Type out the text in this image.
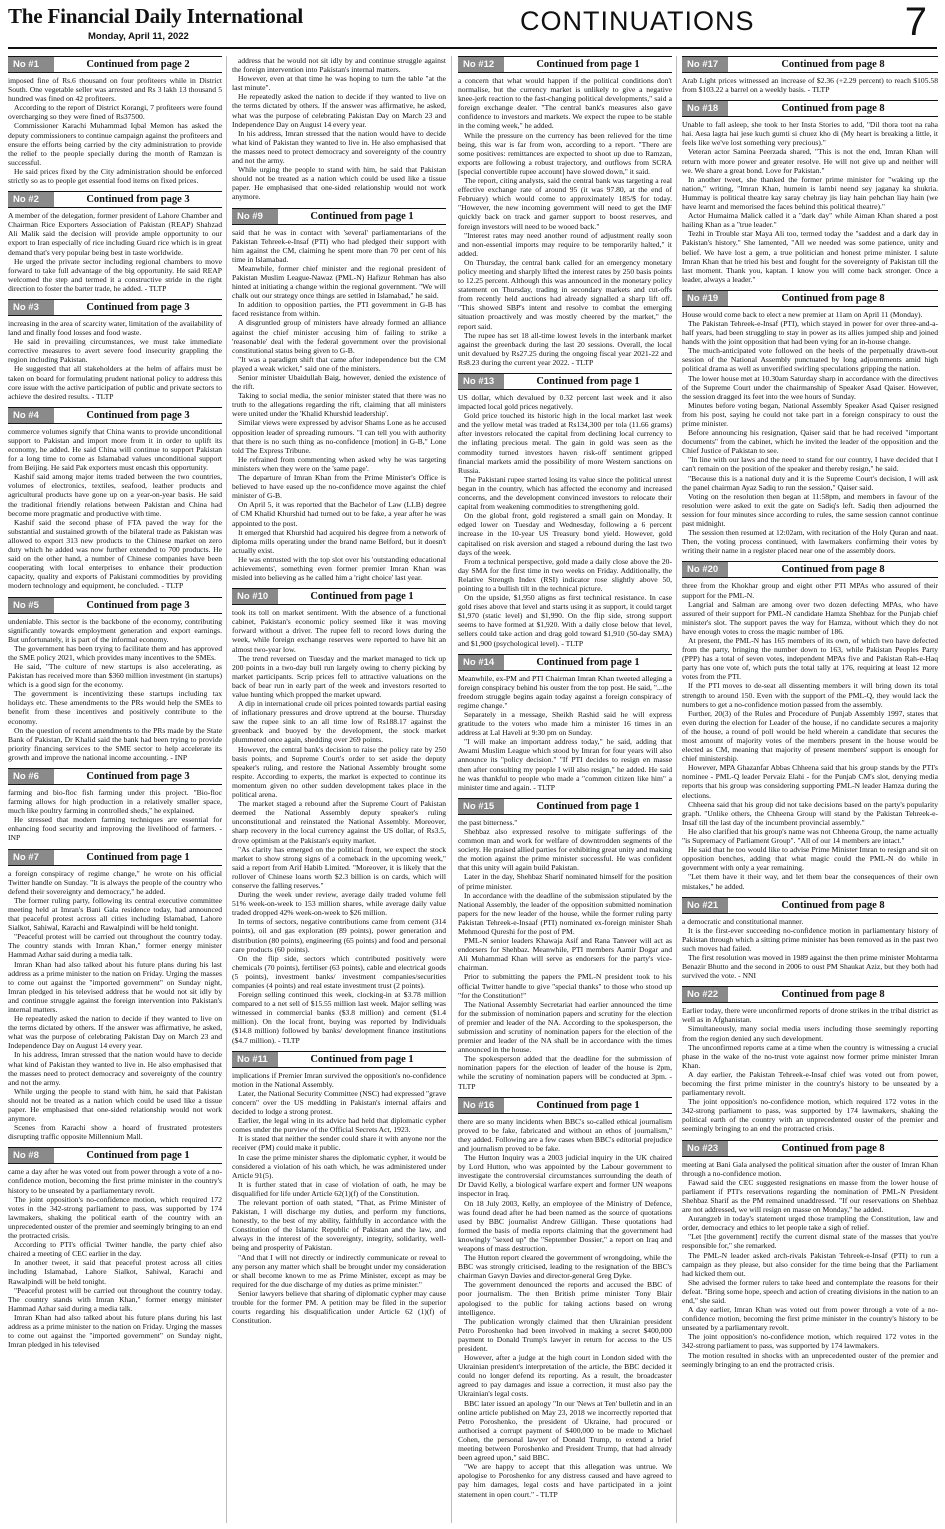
The Financial Daily International
Monday, April 11, 2022
CONTINUATIONS	7
No #1	Continued from page 2

imposed fine of Rs.6 thousand on four profiteers while in District South. One vegetable seller was arrested and Rs 3 lakh 13 thousand 5 hundred was fined on 42 profiteers.

According to the report of District Korangi, 7 profiteers were found overcharging so they were fined of Rs37500.

Commissioner Karachi Muhammad Iqbal Memon has asked the deputy commissioners to continue campaign against the profiteers and ensure the efforts being carried by the city administration to provide the relief to the people specially during the month of Ramzan is successful.

He said prices fixed by the City administration should be enforced strictly so as to people get essential food items on fixed prices.

No #2	Continued from page 3

A member of the delegation, former president of Lahore Chamber and Chairman Rice Exporters Association of Pakistan (REAP) Shahzad Ali Malik said the decision will provide ample opportunity to our export to Iran especially of rice including Guard rice which is in great demand that's very popular being best in taste worldwide.

He urged the private sector including regional chambers to move forward to take full advantage of the big opportunity. He said REAP welcomed the step and termed it a constructive stride in the right direction to foster the barter trade, he added. - TLTP

No #3	Continued from page 3

increasing in the area of scarcity water, limitation of the availability of land and finally food losses and food waste.

He said in prevailing circumstances, we must take immediate corrective measures to avert severe food insecurity grappling the region including Pakistan.

He suggested that all stakeholders at the helm of affairs must be taken on board for formulating prudent national policy to address this core issue with the active participation of public and private sectors to achieve the desired results. - TLTP

No #4	Continued from page 3

commerce volumes signify that China wants to provide unconditional support to Pakistan and import more from it in order to uplift its economy, he added. He said China will continue to support Pakistan for a long time to come as Islamabad values unconditional support from Beijing. He said Pak exporters must encash this opportunity.

Kashif said among major items traded between the two countries, volumes of electronics, textiles, seafood, leather products and agricultural products have gone up on a year-on-year basis. He said the traditional friendly relations between Pakistan and China had become more pragmatic and productive with time.

Kashif said the second phase of FTA paved the way for the substantial and sustained growth of the bilateral trade as Pakistan was allowed to export 313 new products to the Chinese market on zero duty which he added was now further extended to 700 products. He said on the other hand, a number of Chinese companies have been cooperating with local enterprises to enhance their production capacity, quality and exports of Pakistani commodities by providing modern technology and equipment, he concluded. - TLTP

No #5	Continued from page 3

undeniable. This sector is the backbone of the economy, contributing significantly towards employment generation and export earnings. But unfortunately, it is part of the informal economy.

The government has been trying to facilitate them and has approved the SME policy 2021, which provides many incentives to the SMEs.

He said, "The culture of new startups is also accelerating, as Pakistan has received more than $360 million investment (in startups) which is a good sign for the economy.

The government is incentivizing these startups including tax holidays etc. These amendments to the PRs would help the SMEs to benefit from these incentives and positively contribute to the economy.

On the question of recent amendments to the PRs made by the State Bank of Pakistan, Dr Khalid said the bank had been trying to provide priority financing services to the SME sector to help accelerate its growth and improve the national income accounting. - INP

No #6	Continued from page 3

farming and bio-floc fish farming under this project. "Bio-floc farming allows for high production in a relatively smaller space, much like poultry farming in controlled sheds," he explained.

He stressed that modern farming techniques are essential for enhancing food security and improving the livelihood of farmers. - INP

No #7	Continued from page 1

a foreign conspiracy of regime change," he wrote on his official Twitter handle on Sunday. "It is always the people of the country who defend their sovereignty and democracy," he added.

The former ruling party, following its central executive committee meeting held at Imran's Bani Gala residence today, had announced that peaceful protest across all cities including Islamabad, Lahore Sialkot, Sahiwal, Karachi and Rawalpindi will be held tonight.

"Peaceful protest will be carried out throughout the country today. The country stands with Imran Khan," former energy minister Hammad Azhar said during a media talk.

Imran Khan had also talked about his future plans during his last address as a prime minister to the nation on Friday. Urging the masses to come out against the "imported government" on Sunday night, Imran pledged in his televised address that he would not sit idly by and continue struggle against the foreign intervention into Pakistan's internal matters.

He repeatedly asked the nation to decide if they wanted to live on the terms dictated by others. If the answer was affirmative, he asked, what was the purpose of celebrating Pakistan Day on March 23 and Independence Day on August 14 every year.

In his address, Imran stressed that the nation would have to decide what kind of Pakistan they wanted to live in. He also emphasised that the masses need to protect democracy and sovereignty of the country and not the army.

While urging the people to stand with him, he said that Pakistan should not be treated as a nation which could be used like a tissue paper. He emphasised that one-sided relationship would not work anymore.

Scenes from Karachi show a hoard of frustrated protesters disrupting traffic opposite Millennium Mall.

No #8	Continued from page 1

came a day after he was voted out from power through a vote of a no-confidence motion, becoming the first prime minister in the country's history to be unseated by a parliamentary revolt.

The joint opposition's no-confidence motion, which required 172 votes in the 342-strong parliament to pass, was supported by 174 lawmakers, shaking the political earth of the country with an unprecedented ouster of the premier and seemingly bringing to an end the protracted crisis.

According to PTI's official Twitter handle, the party chief also chaired a meeting of CEC earlier in the day.

In another tweet, it said that peaceful protest across all cities including Islamabad, Lahore Sialkot, Sahiwal, Karachi and Rawalpindi will be held tonight.

"Peaceful protest will be carried out throughout the country today. The country stands with Imran Khan," former energy minister Hammad Azhar said during a media talk.

Imran Khan had also talked about his future plans during his last address as a prime minister to the nation on Friday. Urging the masses to come out against the "imported government" on Sunday night, Imran pledged in his televised

address that he would not sit idly by and continue struggle against the foreign intervention into Pakistan's internal matters.

However, even at that time he was hoping to turn the table "at the last minute".

He repeatedly asked the nation to decide if they wanted to live on the terms dictated by others. If the answer was affirmative, he asked, what was the purpose of celebrating Pakistan Day on March 23 and Independence Day on August 14 every year.

In his address, Imran stressed that the nation would have to decide what kind of Pakistan they wanted to live in. He also emphasised that the masses need to protect democracy and sovereignty of the country and not the army.

While urging the people to stand with him, he said that Pakistan should not be treated as a nation which could be used like a tissue paper. He emphasised that one-sided relationship would not work anymore.

No #9	Continued from page 1

said that he was in contact with 'several' parliamentarians of the Pakistan Tehreek-e-Insaf (PTI) who had pledged their support with him against the CM, claiming he spent more than 70 per cent of his time in Islamabad.

Meanwhile, former chief minister and the regional president of Pakistan Muslim League-Nawaz (PML-N) Hafizur Rehman has also hinted at initiating a change within the regional government. "We will chalk out our strategy once things are settled in Islamabad," he said.

In addition to opposition parties, the PTI government in G-B has faced resistance from within.

A disgruntled group of ministers have already formed an alliance against the chief minister accusing him of failing to strike a 'reasonable' deal with the federal government over the provisional constitutional status being given to G-B.

"It was a paradigm shift that came after independence but the CM played a weak wicket," said one of the ministers.

Senior minister Ubaidullah Baig, however, denied the existence of the rift.

Taking to social media, the senior minister stated that there was no truth to the allegations regarding the rift, claiming that all ministers were united under the 'Khalid Khurshid leadership'.

Similar views were expressed by advisor Shams Lone as he accused opposition leader of spreading rumours. "I can tell you with authority that there is no such thing as no-confidence [motion] in G-B," Lone told The Express Tribune.

He refrained from commenting when asked why he was targeting ministers when they were on the 'same page'.

The departure of Imran Khan from the Prime Minister's Office is believed to have eased up the no-confidence move against the chief minister of G-B.

On April 5, it was reported that the Bachelor of Law (LLB) degree of CM Khalid Khurshid had turned out to be fake, a year after he was appointed to the post.

It emerged that Khurshid had acquired his degree from a network of diploma mills operating under the brand name Belford, but it doesn't actually exist.

He was entrusted with the top slot over his 'outstanding educational achievements', something even former premier Imran Khan was misled into believing as he called him a 'right choice' last year.

No #10	Continued from page 1

took its toll on market sentiment. With the absence of a functional cabinet, Pakistan's economic policy seemed like it was moving forward without a driver. The rupee fell to record lows during the week, while foreign exchange reserves were reported to have hit an almost two-year low.

The trend reversed on Tuesday and the market managed to tick up 200 points in a two-day bull run largely owing to cherry picking by market participants. Scrip prices fell to attractive valuations on the back of bear run in early part of the week and investors resorted to value hunting which propped the market upward.

A dip in international crude oil prices pointed towards partial easing of inflationary pressures and drove uptrend at the bourse. Thursday saw the rupee sink to an all time low of Rs188.17 against the greenback and buoyed by the development, the stock market plummeted once again, shedding over 269 points.

However, the central bank's decision to raise the policy rate by 250 basis points, and Supreme Court's order to set aside the deputy speaker's ruling, and restore the National Assembly brought some respite. According to experts, the market is expected to continue its momentum given no other sudden development takes place in the political arena.

The market staged a rebound after the Supreme Court of Pakistan deemed the National Assembly deputy speaker's ruling unconstitutional and reinstated the National Assembly. Moreover, sharp recovery in the local currency against the US dollar, of Rs3.5, drove optimism at the Pakistan's equity market.

"As clarity has emerged on the political front, we expect the stock market to show strong signs of a comeback in the upcoming week," said a report from Arif Habib Limited. "Moreover, it is likely that the rollover of Chinese loans worth $2.3 billion is on cards, which will conserve the falling reserves."

During the week under review, average daily traded volume fell 51% week-on-week to 153 million shares, while average daily value traded dropped 42% week-on-week to $26 million.

In terms of sectors, negative contributions came from cement (314 points), oil and gas exploration (89 points), power generation and distribution (80 points), engineering (65 points) and food and personal care products (60 points).

On the flip side, sectors which contributed positively were chemicals (70 points), fertiliser (63 points), cable and electrical goods (5 points), investment banks/ investment companies/securities companies (4 points) and real estate investment trust (2 points).

Foreign selling continued this week, clocking-in at $3.78 million compared to a net sell of $15.55 million last week. Major selling was witnessed in commercial banks ($3.8 million) and cement ($1.4 million). On the local front, buying was reported by Individuals ($14.8 million) followed by banks/ development finance institutions ($4.7 million). - TLTP

No #11	Continued from page 1

implications if Premier Imran survived the opposition's no-confidence motion in the National Assembly.

Later, the National Security Committee (NSC) had expressed "grave concern" over the US meddling in Pakistan's internal affairs and decided to lodge a strong protest.

Earlier, the legal wing in its advice had held that diplomatic cypher comes under the purview of the Official Secrets Act, 1923.

It is stated that neither the sender could share it with anyone nor the receiver (PM) could make it public.

In case the prime minister shares the diplomatic cypher, it would be considered a violation of his oath which, he was administered under Article 91(5).

It is further stated that in case of violation of oath, he may be disqualified for life under Article 62(1)(f) of the Constitution.

The relevant portion of oath stated, "That, as Prime Minister of Pakistan, I will discharge my duties, and perform my functions, honestly, to the best of my ability, faithfully in accordance with the Constitution of the Islamic Republic of Pakistan and the law, and always in the interest of the sovereignty, integrity, solidarity, well-being and prosperity of Pakistan.

"And that I will not directly or indirectly communicate or reveal to any person any matter which shall be brought under my consideration or shall become known to me as Prime Minister, except as may be required for the due discharge of my duties as prime minister."

Senior lawyers believe that sharing of diplomatic cypher may cause trouble for the former PM. A petition may be filed in the superior courts regarding his disqualification under Article 62 (1)(f) of Constitution.

No #12	Continued from page 1

a concern that what would happen if the political conditions don't normalise, but the currency market is unlikely to give a negative knee-jerk reaction to the fast-changing political developments," said a foreign exchange dealer. "The central bank's measures also gave confidence to investors and markets. We expect the rupee to be stable in the coming week," he added.

While the pressure on the currency has been relieved for the time being, this war is far from won, according to a report. "There are some positives: remittances are expected to shoot up due to Ramzan, exports are following a robust trajectory, and outflows from SCRA [special convertible rupee account] have slowed down," it said.

The report, citing analysts, said the central bank was targeting a real effective exchange rate of around 95 (it was 97.80, at the end of February) which would come to approximately 185/$ for today. "However, the new incoming government will need to get the IMF quickly back on track and garner support to boost reserves, and foreign investors will need to be wooed back."

"Interest rates may need another round of adjustment really soon and non-essential imports may require to be temporarily halted," it added.

On Thursday, the central bank called for an emergency monetary policy meeting and sharply lifted the interest rates by 250 basis points to 12.25 percent. Although this was announced in the monetary policy statement on Thursday, trading in secondary markets and cut-offs from recently held auctions had already signalled a sharp lift off. "This showed SBP's intent and resolve to combat the emerging situation proactively and was mostly cheered by the market," the report said.

The rupee has set 18 all-time lowest levels in the interbank market against the greenback during the last 20 sessions. Overall, the local unit devalued by Rs27.25 during the ongoing fiscal year 2021-22 and Rs8.23 during the current year 2022. - TLTP

No #13	Continued from page 1

US dollar, which devalued by 0.32 percent last week and it also impacted local gold prices negatively.

Gold price touched its historic high in the local market last week and the yellow metal was traded at Rs134,300 per tola (11.66 grams) after investors relocated the capital from declining local currency to the inflating precious metal. The gain in gold was seen as the commodity turned investors haven risk-off sentiment gripped financial markets amid the possibility of more Western sanctions on Russia.

The Pakistani rupee started losing its value since the political unrest began in the country, which has affected the economy and increased concerns, and the development convinced investors to relocate their capital from weakening commodities to strengthening gold.

On the global front, gold registered a small gain on Monday. It edged lower on Tuesday and Wednesday, following a 6 percent increase in the 10-year US Treasury bond yield. However, gold capitalised on risk aversion and staged a rebound during the last two days of the week.

From a technical perspective, gold made a daily close above the 20-day SMA for the first time in two weeks on Friday. Additionally, the Relative Strength Index (RSI) indicator rose slightly above 50, pointing to a bullish tilt in the technical picture.

On the upside, $1,950 aligns as first technical resistance. In case gold rises above that level and starts using it as support, it could target $1,970 (static level) and $1,990. On the flip side, strong support seems to have formed at $1,920. With a daily close below that level, sellers could take action and drag gold toward $1,910 (50-day SMA) and $1,900 (psychological level). - TLTP

No #14	Continued from page 1

Meanwhile, ex-PM and PTI Chairman Imran Khan tweeted alleging a foreign conspiracy behind his ouster from the top post. He said, "...the freedom struggle begins again today against a foreign conspiracy of regime change."

Separately in a message, Sheikh Rashid said he will express gratitude to the voters who made him a minister 16 times in an address at Lal Haveli at 9:30 pm on Sunday.

"I will make an important address today," he said, adding that Awami Muslim League which stood by Imran for four years will also announce its "policy decision." "If PTI decides to resign en masse then after consulting my people I will also resign," he added. He said he was thankful to people who made a "common citizen like him" a minister time and again. - TLTP

No #15	Continued from page 1

the past bitterness."

Shehbaz also expressed resolve to mitigate sufferings of the common man and work for welfare of downtrodden segments of the society. He praised allied parties for exhibiting great unity and making the motion against the prime minister successful. He was confident that this unity will again build Pakistan.

Later in the day, Shehbaz Sharif nominated himself for the position of prime minister.

In accordance with the deadline of the submission stipulated by the National Assembly, the leader of the opposition submitted nomination papers for the new leader of the house, while the former ruling party Pakistan Tehreek-e-Insaaf (PTI) nominated ex-foreign minister Shah Mehmood Qureshi for the post of PM.

PML-N senior leaders Khawaja Asif and Rana Tanveer will act as endorsers for Shehbaz. Meanwhile, PTI members Aamir Dogar and Ali Muhammad Khan will serve as endorsers for the party's vice-chairman.

Prior to submitting the papers the PML-N president took to his official Twitter handle to give "special thanks" to those who stood up "for the Constitution!"

The National Assembly Secretariat had earlier announced the time for the submission of nomination papers and scrutiny for the election of premier and leader of the NA. According to the spokesperson, the submission and scrutiny of nomination papers for the election of the premier and leader of the NA shall be in accordance with the times announced in the house.

The spokesperson added that the deadline for the submission of nomination papers for the election of leader of the house is 2pm, while the scrutiny of nomination papers will be conducted at 3pm. - TLTP

No #16	Continued from page 1

there are so many incidents when BBC's so-called ethical journalism proved to be fake, fabricated and without an ethos of journalism," they added. Following are a few cases when BBC's editorial prejudice and journalism proved to be fake.

The Hutton Inquiry was a 2003 judicial inquiry in the UK chaired by Lord Hutton, who was appointed by the Labour government to investigate the controversial circumstances surrounding the death of Dr David Kelly, a biological warfare expert and former UN weapons inspector in Iraq.

On 18 July 2003, Kelly, an employee of the Ministry of Defence, was found dead after he had been named as the source of quotations used by BBC journalist Andrew Gilligan. These quotations had formed the basis of media reports claiming that the government had knowingly "sexed up" the "September Dossier," a report on Iraq and weapons of mass destruction.

The Hutton report cleared the government of wrongdoing, while the BBC was strongly criticised, leading to the resignation of the BBC's chairman Gavyn Davies and director-general Greg Dyke.

The government denounced the reports and accused the BBC of poor journalism. The then British prime minister Tony Blair apologised to the public for taking actions based on wrong intelligence.

The publication wrongly claimed that then Ukrainian president Petro Poroshenko had been involved in making a secret $400,000 payment to Donald Trump's lawyer in return for access to the US president.

However, after a judge at the high court in London sided with the Ukrainian president's interpretation of the article, the BBC decided it could no longer defend its reporting. As a result, the broadcaster agreed to pay damages and issue a correction, it must also pay the Ukrainian's legal costs.

BBC later issued an apology "In our 'News at Ten' bulletin and in an online article published on May 23, 2018 we incorrectly reported that Petro Poroshenko, the president of Ukraine, had procured or authorised a corrupt payment of $400,000 to be made to Michael Cohen, the personal lawyer of Donald Trump, to extend a brief meeting between Poroshenko and President Trump, that had already been agreed upon," said BBC.

"We are happy to accept that this allegation was untrue. We apologise to Poroshenko for any distress caused and have agreed to pay him damages, legal costs and have participated in a joint statement in open court." - TLTP

No #17	Continued from page 8

Arab Light prices witnessed an increase of $2.36 (+2.29 percent) to reach $105.58 from $103.22 a barrel on a weekly basis. - TLTP

No #18	Continued from page 8

Unable to fall asleep, she took to her Insta Stories to add, "Dil thora toot na raha hai. Aesa lagta hai jese kuch gumti si chuez kho di (My heart is breaking a little, it feels like we've lost something very precious)."

Veteran actor Samina Peerzada shared, "This is not the end, Imran Khan will return with more power and greater resolve. He will not give up and neither will we. We share a great bond. Love for Pakistan."

In another tweet, she thanked the former prime minister for "waking up the nation," writing, "Imran Khan, humein is lambi neend sey jaganay ka shukria. Hummay is political theatre kay saray chehray jis liay hain pehchan liay hain (we have learnt and memorised the faces behind this political theatre)."

Actor Humaima Malick called it a "dark day" while Aiman Khan shared a post hailing Khan as a "true leader."

Tezhi in Trouble star Maya Ali too, termed today the "saddest and a dark day in Pakistan's history." She lamented, "All we needed was some patience, unity and belief. We have lost a gem, a true politician and honest prime minister. I salute Imran Khan that he tried his best and fought for the sovereignty of Pakistan till the last moment. Thank you, kaptan. I know you will come back stronger. Once a leader, always a leader."

No #19	Continued from page 8

House would come back to elect a new premier at 11am on April 11 (Monday).

The Pakistan Tehreek-e-Insaf (PTI), which stayed in power for over three-and-a-half years, had been struggling to stay in power as its allies jumped ship and joined hands with the joint opposition that had been vying for an in-house change.

The much-anticipated vote followed on the heels of the perpetually drawn-out session of the National Assembly punctuated by long adjournments amid high political drama as well as unverified swirling speculations gripping the nation.

The lower house met at 10.30am Saturday sharp in accordance with the directives of the Supreme Court under the chairmanship of Speaker Asad Qaiser. However, the session dragged its feet into the wee hours of Sunday.

Minutes before voting began, National Assembly Speaker Asad Qaiser resigned from his post, saying he could not take part in a foreign conspiracy to oust the prime minister.

Before announcing his resignation, Qaiser said that he had received "important documents" from the cabinet, which he invited the leader of the opposition and the Chief Justice of Pakistan to see.

"In line with our laws and the need to stand for our country, I have decided that I can't remain on the position of the speaker and thereby resign," he said.

"Because this is a national duty and it is the Supreme Court's decision, I will ask the panel chairman Ayaz Sadiq to run the session," Qaiser said.

Voting on the resolution then began at 11:58pm, and members in favour of the resolution were asked to exit the gate on Sadiq's left. Sadiq then adjourned the session for four minutes since according to rules, the same session cannot continue past midnight.

The session then resumed at 12:02am, with recitation of the Holy Quran and naat. Then, the voting process continued, with lawmakers confirming their votes by writing their name in a register placed near one of the assembly doors.

No #20	Continued from page 8

three from the Khokhar group and eight other PTI MPAs who assured of their support for the PML-N.

Langrial and Salman are among over two dozen defecting MPAs, who have assured of their support for PML-N candidate Hamza Shehbaz for the Punjab chief minister's slot. The support paves the way for Hamza, without which they do not have enough votes to cross the magic number of 186.

At present, the PML-N has 165 members of its own, of which two have defected from the party, bringing the number down to 163, while Pakistan Peoples Party (PPP) has a total of seven votes, independent MPAs five and Pakistan Rah-e-Haq party has one vote of, which puts the total tally at 176, requiring at least 12 more votes from the PTI.

If the PTI moves to de-seat all dissenting members it will bring down its total strength to around 150. Even with the support of the PML-Q, they would lack the numbers to get a no-confidence motion passed from the assembly.

Further, 20(3) of the Rules and Procedure of Punjab Assembly 1997, states that even during the election for Leader of the house, if no candidate secures a majority of the house, a round of poll would be held wherein a candidate that secures the most amount of majority votes of the members present in the house would be elected as CM, meaning that majority of present members' support is enough for chief ministership.

However, MPA Ghazanfar Abbas Chheena said that his group stands by the PTI's nominee - PML-Q leader Pervaiz Elahi - for the Punjab CM's slot, denying media reports that his group was considering supporting PML-N leader Hamza during the elections.

Chheena said that his group did not take decisions based on the party's popularity graph. "Unlike others, the Chheena Group will stand by the Pakistan Tehreek-e-Insaf till the last day of the incumbent provincial assembly."

He also clarified that his group's name was not Chheena Group, the name actually "is Supremacy of Parliament Group". "All of our 14 members are intact."

He said that he too would like to advise Prime Minister Imran to resign and sit on opposition benches, adding that what magic could the PML-N do while in government with only a year remaining.

"Let them have it their way, and let them bear the consequences of their own mistakes," he added.

No #21	Continued from page 8

a democratic and constitutional manner.

It is the first-ever succeeding no-confidence motion in parliamentary history of Pakistan through which a sitting prime minister has been removed as in the past two such moves had failed.

The first resolution was moved in 1989 against the then prime minister Mohtarma Benazir Bhutto and the second in 2006 to oust PM Shaukat Aziz, but they both had survived the vote. - NNI

No #22	Continued from page 8

Earlier today, there were unconfirmed reports of drone strikes in the tribal district as well as in Afghanistan.

Simultaneously, many social media users including those seemingly reporting from the region denied any such development.

The unconfirmed reports came at a time when the country is witnessing a crucial phase in the wake of the no-trust vote against now former prime minister Imran Khan.

A day earlier, the Pakistan Tehreek-e-Insaf chief was voted out from power, becoming the first prime minister in the country's history to be unseated by a parliamentary revolt.

The joint opposition's no-confidence motion, which required 172 votes in the 342-strong parliament to pass, was supported by 174 lawmakers, shaking the political earth of the country with an unprecedented ouster of the premier and seemingly bringing to an end the protracted crisis.

No #23	Continued from page 8

meeting at Bani Gala analysed the political situation after the ouster of Imran Khan through a no-confidence motion.

Fawad said the CEC suggested resignations en masse from the lower house of parliament if PTI's reservations regarding the nomination of PML-N President Shehbaz Sharif as the PM remained unaddressed. "If our reservations on Shehbaz are not addressed, we will resign en masse on Monday," he added.

Aurangzeb in today's statement urged those trampling the Constitution, law and order, democracy and ethics to let people take a sigh of relief.

"Let [the government] rectify the current dismal state of the masses that you're responsible for," she remarked.

The PML-N leader asked arch-rivals Pakistan Tehreek-e-Insaf (PTI) to run a campaign as they please, but also consider for the time being that the Parliament had kicked them out.

She advised the former rulers to take heed and contemplate the reasons for their defeat. "Bring some hope, speech and action of creating divisions in the nation to an end," she said.

A day earlier, Imran Khan was voted out from power through a vote of a no-confidence motion, becoming the first prime minister in the country's history to be unseated by a parliamentary revolt.

The joint opposition's no-confidence motion, which required 172 votes in the 342-strong parliament to pass, was supported by 174 lawmakers.

The motion resulted in shocks with an unprecedented ouster of the premier and seemingly bringing to an end the protracted crisis.
